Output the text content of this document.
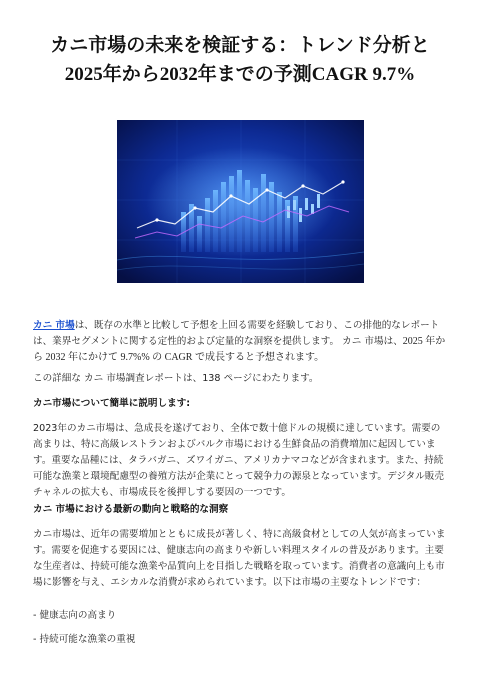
カニ市場の未来を検証する：トレンド分析と
2025年から2032年までの予測CAGR 9.7%
カニ 市場は、既存の水準と比較して予想を上回る需要を経験しており、この排他的なレポートは、業界セグメントに関する定性的および定量的な洞察を提供します。 カニ 市場は、2025 年から 2032 年にかけて 9.7%% の CAGR で成長すると予想されます。
この詳細な カニ 市場調査レポートは、138 ページにわたります。
カニ市場について簡単に説明します:
2023年のカニ市場は、急成長を遂げており、全体で数十億ドルの規模に達しています。需要の高まりは、特に高級レストランおよびバルク市場における生鮮食品の消費増加に起因しています。重要な品種には、タラバガニ、ズワイガニ、アメリカナマコなどが含まれます。また、持続可能な漁業と環境配慮型の養殖方法が企業にとって競争力の源泉となっています。デジタル販売チャネルの拡大も、市場成長を後押しする要因の一つです。
カニ 市場における最新の動向と戦略的な洞察
カニ市場は、近年の需要増加とともに成長が著しく、特に高級食材としての人気が高まっています。需要を促進する要因には、健康志向の高まりや新しい料理スタイルの普及があります。主要な生産者は、持続可能な漁業や品質向上を目指した戦略を取っています。消費者の意識向上も市場に影響を与え、エシカルな消費が求められています。以下は市場の主要なトレンドです：
- 健康志向の高まり
- 持続可能な漁業の重視
